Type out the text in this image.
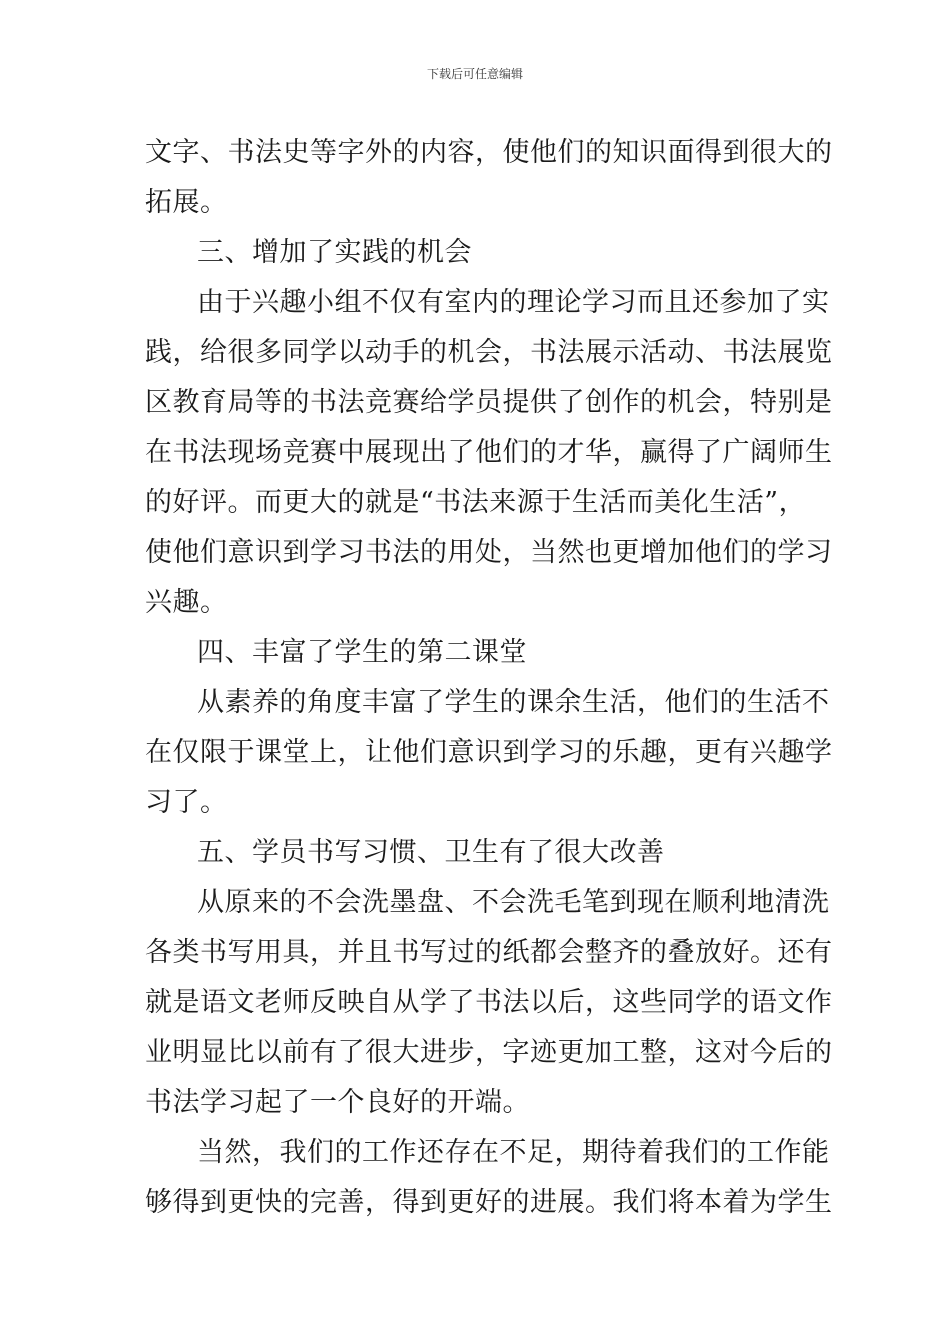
下载后可任意编辑
文字、书法史等字外的内容，使他们的知识面得到很大的
拓展。
三、增加了实践的机会
由于兴趣小组不仅有室内的理论学习而且还参加了实
践，给很多同学以动手的机会，书法展示活动、书法展览
区教育局等的书法竞赛给学员提供了创作的机会，特别是
在书法现场竞赛中展现出了他们的才华，赢得了广阔师生
的好评。而更大的就是“书法来源于生活而美化生活”，
使他们意识到学习书法的用处，当然也更增加他们的学习
兴趣。
四、丰富了学生的第二课堂
从素养的角度丰富了学生的课余生活，他们的生活不
在仅限于课堂上，让他们意识到学习的乐趣，更有兴趣学
习了。
五、学员书写习惯、卫生有了很大改善
从原来的不会洗墨盘、不会洗毛笔到现在顺利地清洗
各类书写用具，并且书写过的纸都会整齐的叠放好。还有
就是语文老师反映自从学了书法以后，这些同学的语文作
业明显比以前有了很大进步，字迹更加工整，这对今后的
书法学习起了一个良好的开端。
当然，我们的工作还存在不足，期待着我们的工作能
够得到更快的完善，得到更好的进展。我们将本着为学生
